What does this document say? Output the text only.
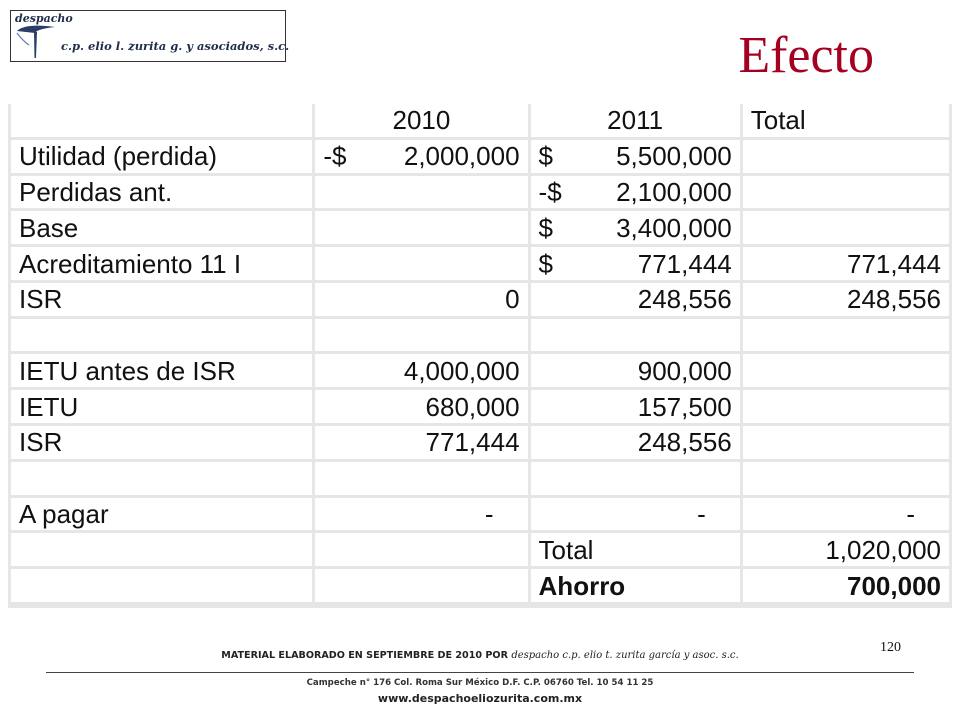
despacho
c.p. elio l. zurita g. y asociados, s.c.	Efecto
	2010	2011	Total
Utilidad (perdida)	-$ 2,000,000	$ 5,500,000	

Perdidas ant.		-$ 2,100,000	

Base		$ 3,400,000	

Acreditamiento 11 I		$ 771,444	771,444
ISR	0	248,556	248,556

IETU antes de ISR	4,000,000	900,000	
IETU	680,000	157,500	
ISR	771,444	248,556	

A pagar	-	-	-
		Total	1,020,000
		Ahorro	700,000
120
MATERIAL ELABORADO EN SEPTIEMBRE DE 2010 POR despacho c.p. elio t. zurita garcía y asoc. s.c.
Campeche n° 176 Col. Roma Sur México D.F. C.P. 06760 Tel. 10 54 11 25
www.despachoeliozurita.com.mx
